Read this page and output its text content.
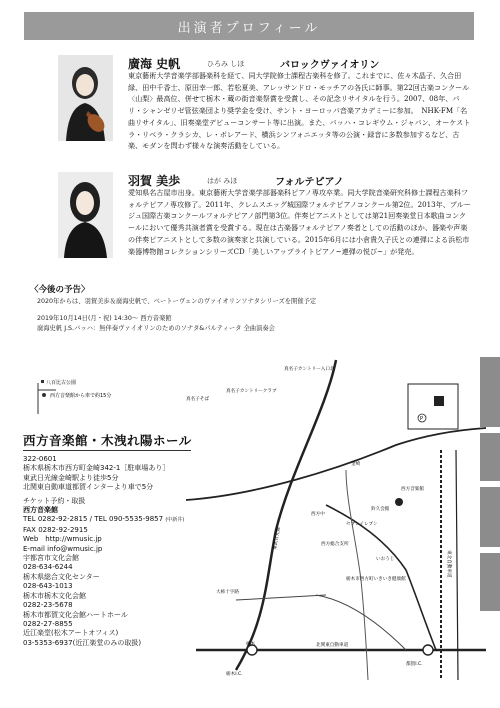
出演者プロフィール
廣海 史帆	ひろみ しほ	バロックヴァイオリン
東京藝術大学音楽学部器楽科を経て、同大学院修士課程古楽科を修了。これまでに、佐々木晶子、久合田緑、田中千香士、原田幸一郎、若松夏美、アレッサンドロ・モッチアの各氏に師事。第22回古楽コンクール〈山梨〉最高位、併せて栃木・蔵の街音楽祭賞を受賞し、その記念リサイタルを行う。2007、08年、パリ・シャンゼリゼ管弦楽団より奨学金を受け、サント・ヨーロッパ音楽アカデミーに参加。　NHK-FM「名曲リサイタル」、旧奏楽堂デビューコンサート等に出演。また、バッハ・コレギウム・ジャパン、オーケストラ・リベラ・クラシカ、レ・ボレアード、横浜シンフォニエッタ等の公演・録音に多数参加するなど、古楽、モダンを問わず様々な演奏活動をしている。
羽賀 美歩	はが みほ	フォルテピアノ
愛知県名古屋市出身。東京藝術大学音楽学部器楽科ピアノ専攻卒業。同大学院音楽研究科修士課程古楽科フォルテピアノ専攻修了。2011年、クレムスエッグ城国際フォルテピアノコンクール第2位。2013年、ブルージュ国際古楽コンクールフォルテピアノ部門第3位。伴奏ピアニストとしては第21回奏楽堂日本歌曲コンクールにおいて優秀共演者賞を受賞する。現在は古楽器フォルテピアノ奏者としての活動のほか、器楽や声楽の伴奏ピアニストとして多数の演奏家と共演している。2015年6月には小倉貴久子氏との連弾による浜松市楽器博物館コレクションシリーズCD「美しいアップライトピアノ~連弾の悦び~」が発売。
〈今後の予告〉
2020年からは、羽賀美歩＆廣海史帆で、ベートーヴェンのヴァイオリンソナタシリーズを開催予定
2019年10月14日(月・祝) 14:30～ 西方音楽館
廣海史帆 J.S.バッハ：無伴奏ヴァイオリンのためのソナタ&パルティータ 全曲演奏会
西方音楽館・木洩れ陽ホール
322-0601
栃木県栃木市西方町金崎342-1［駐車場あり］
東武日光線金崎駅より徒歩5分
北関東自動車道都賀インターより車で5分
チケット予約・取扱
西方音楽館
TEL 0282-92-2815 / TEL 090-5535-9857 (中新井)
FAX 0282-92-2915
Web　http://wmusic.jp
E-mail info@wmusic.jp
宇都宮市文化会館
028-634-6244
栃木県総合文化センター
028-643-1013
栃木市栃木文化会館
0282-23-5678
栃木市都賀文化会館ハートホール
0282-27-8855
近江楽堂(松木アートオフィス)
03-5353-6937(近江楽堂のみの取扱)
八百比古公園
西方音楽館から車で約15分
P
真名子カントリー入口北
真名子カントリークラブ
真名子そば
西方音楽館
金崎
西方中
セブンイレブン
鈴久会館
西方総合支所
いおうじ
栃木市西方町いきいき健康館
大柿十字路
都賀I.C.
栃木I.C.
北関東自動車道
栃木
東武日光線
東北自動車道
